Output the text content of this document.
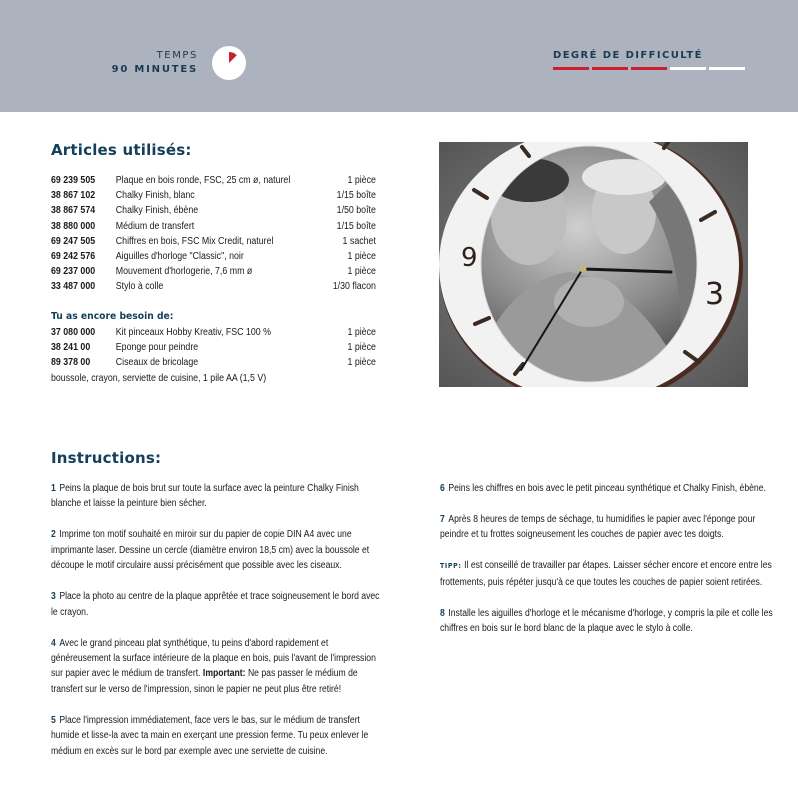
TEMPS
90 MINUTES
DEGRÉ DE DIFFICULTÉ
Articles utilisés:
69 239 505	Plaque en bois ronde, FSC, 25 cm ø, naturel	1 pièce
38 867 102	Chalky Finish, blanc	1/15 boîte
38 867 574	Chalky Finish, ébène	1/50 boîte
38 880 000	Médium de transfert	1/15 boîte
69 247 505	Chiffres en bois, FSC Mix Credit, naturel	1 sachet
69 242 576	Aiguilles d'horloge "Classic", noir	1 pièce
69 237 000	Mouvement d'horlogerie, 7,6 mm ø	1 pièce
33 487 000	Stylo à colle	1/30 flacon
Tu as encore besoin de:
37 080 000	Kit pinceaux Hobby Kreativ, FSC 100 %	1 pièce
38 241 00	Eponge pour peindre	1 pièce
89 378 00	Ciseaux de bricolage	1 pièce
boussole, crayon, serviette de cuisine, 1 pile AA (1,5 V)
9
3
Instructions:
1 Peins la plaque de bois brut sur toute la surface avec la peinture Chalky Finish blanche et laisse la peinture bien sécher.
2 Imprime ton motif souhaité en miroir sur du papier de copie DIN A4 avec une imprimante laser. Dessine un cercle (diamètre environ 18,5 cm) avec la boussole et découpe le motif circulaire aussi précisément que possible avec les ciseaux.
3 Place la photo au centre de la plaque apprêtée et trace soigneusement le bord avec le crayon.
4 Avec le grand pinceau plat synthétique, tu peins d'abord rapidement et généreusement la surface intérieure de la plaque en bois, puis l'avant de l'impression sur papier avec le médium de transfert. Important: Ne pas passer le médium de transfert sur le verso de l'impression, sinon le papier ne peut plus être retiré!
5 Place l'impression immédiatement, face vers le bas, sur le médium de transfert humide et lisse-la avec ta main en exerçant une pression ferme. Tu peux enlever le médium en excès sur le bord par exemple avec une serviette de cuisine.
6 Peins les chiffres en bois avec le petit pinceau synthétique et Chalky Finish, ébène.
7 Après 8 heures de temps de séchage, tu humidifies le papier avec l'éponge pour peindre et tu frottes soigneusement les couches de papier avec tes doigts.
TIPP: Il est conseillé de travailler par étapes. Laisser sécher encore et encore entre les frottements, puis répéter jusqu'à ce que toutes les couches de papier soient retirées.
8 Installe les aiguilles d'horloge et le mécanisme d'horloge, y compris la pile et colle les chiffres en bois sur le bord blanc de la plaque avec le stylo à colle.
